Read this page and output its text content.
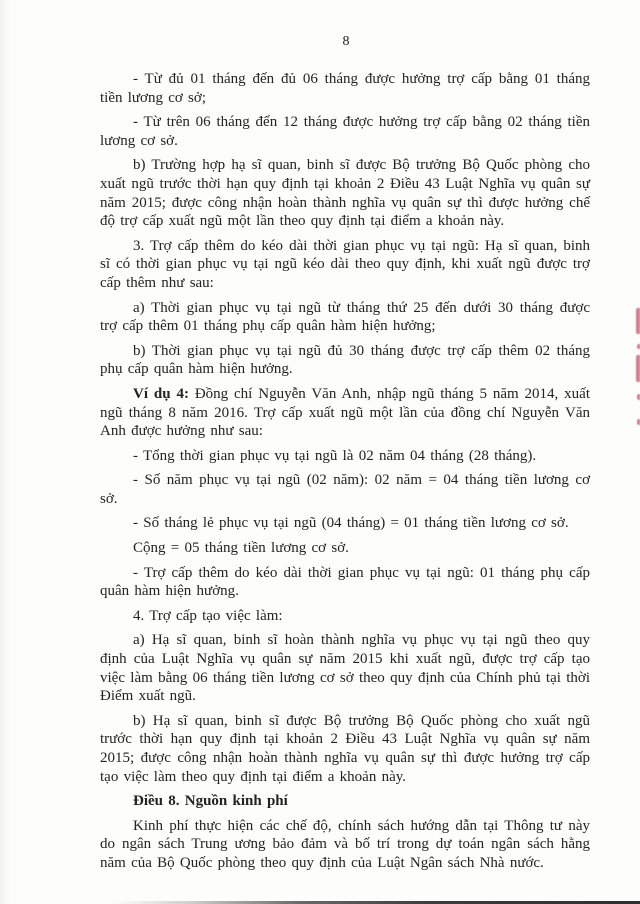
8

- Từ đủ 01 tháng đến đủ 06 tháng được hưởng trợ cấp bằng 01 tháng tiền lương cơ sở;

- Từ trên 06 tháng đến 12 tháng được hưởng trợ cấp bằng 02 tháng tiền lương cơ sở.

b) Trường hợp hạ sĩ quan, binh sĩ được Bộ trưởng Bộ Quốc phòng cho xuất ngũ trước thời hạn quy định tại khoản 2 Điều 43 Luật Nghĩa vụ quân sự năm 2015; được công nhận hoàn thành nghĩa vụ quân sự thì được hưởng chế độ trợ cấp xuất ngũ một lần theo quy định tại điểm a khoản này.

3. Trợ cấp thêm do kéo dài thời gian phục vụ tại ngũ: Hạ sĩ quan, binh sĩ có thời gian phục vụ tại ngũ kéo dài theo quy định, khi xuất ngũ được trợ cấp thêm như sau:

a) Thời gian phục vụ tại ngũ từ tháng thứ 25 đến dưới 30 tháng được trợ cấp thêm 01 tháng phụ cấp quân hàm hiện hưởng;

b) Thời gian phục vụ tại ngũ đủ 30 tháng được trợ cấp thêm 02 tháng phụ cấp quân hàm hiện hưởng.

Ví dụ 4: Đồng chí Nguyễn Văn Anh, nhập ngũ tháng 5 năm 2014, xuất ngũ tháng 8 năm 2016. Trợ cấp xuất ngũ một lần của đồng chí Nguyễn Văn Anh được hưởng như sau:

- Tổng thời gian phục vụ tại ngũ là 02 năm 04 tháng (28 tháng).

- Số năm phục vụ tại ngũ (02 năm): 02 năm = 04 tháng tiền lương cơ sở.

- Số tháng lẻ phục vụ tại ngũ (04 tháng) = 01 tháng tiền lương cơ sở.

Cộng = 05 tháng tiền lương cơ sở.

- Trợ cấp thêm do kéo dài thời gian phục vụ tại ngũ: 01 tháng phụ cấp quân hàm hiện hưởng.

4. Trợ cấp tạo việc làm:

a) Hạ sĩ quan, binh sĩ hoàn thành nghĩa vụ phục vụ tại ngũ theo quy định của Luật Nghĩa vụ quân sự năm 2015 khi xuất ngũ, được trợ cấp tạo việc làm bằng 06 tháng tiền lương cơ sở theo quy định của Chính phủ tại thời Điểm xuất ngũ.

b) Hạ sĩ quan, binh sĩ được Bộ trưởng Bộ Quốc phòng cho xuất ngũ trước thời hạn quy định tại khoản 2 Điều 43 Luật Nghĩa vụ quân sự năm 2015; được công nhận hoàn thành nghĩa vụ quân sự thì được hưởng trợ cấp tạo việc làm theo quy định tại điểm a khoản này.

Điều 8. Nguồn kinh phí

Kinh phí thực hiện các chế độ, chính sách hướng dẫn tại Thông tư này do ngân sách Trung ương bảo đảm và bố trí trong dự toán ngân sách hằng năm của Bộ Quốc phòng theo quy định của Luật Ngân sách Nhà nước.
